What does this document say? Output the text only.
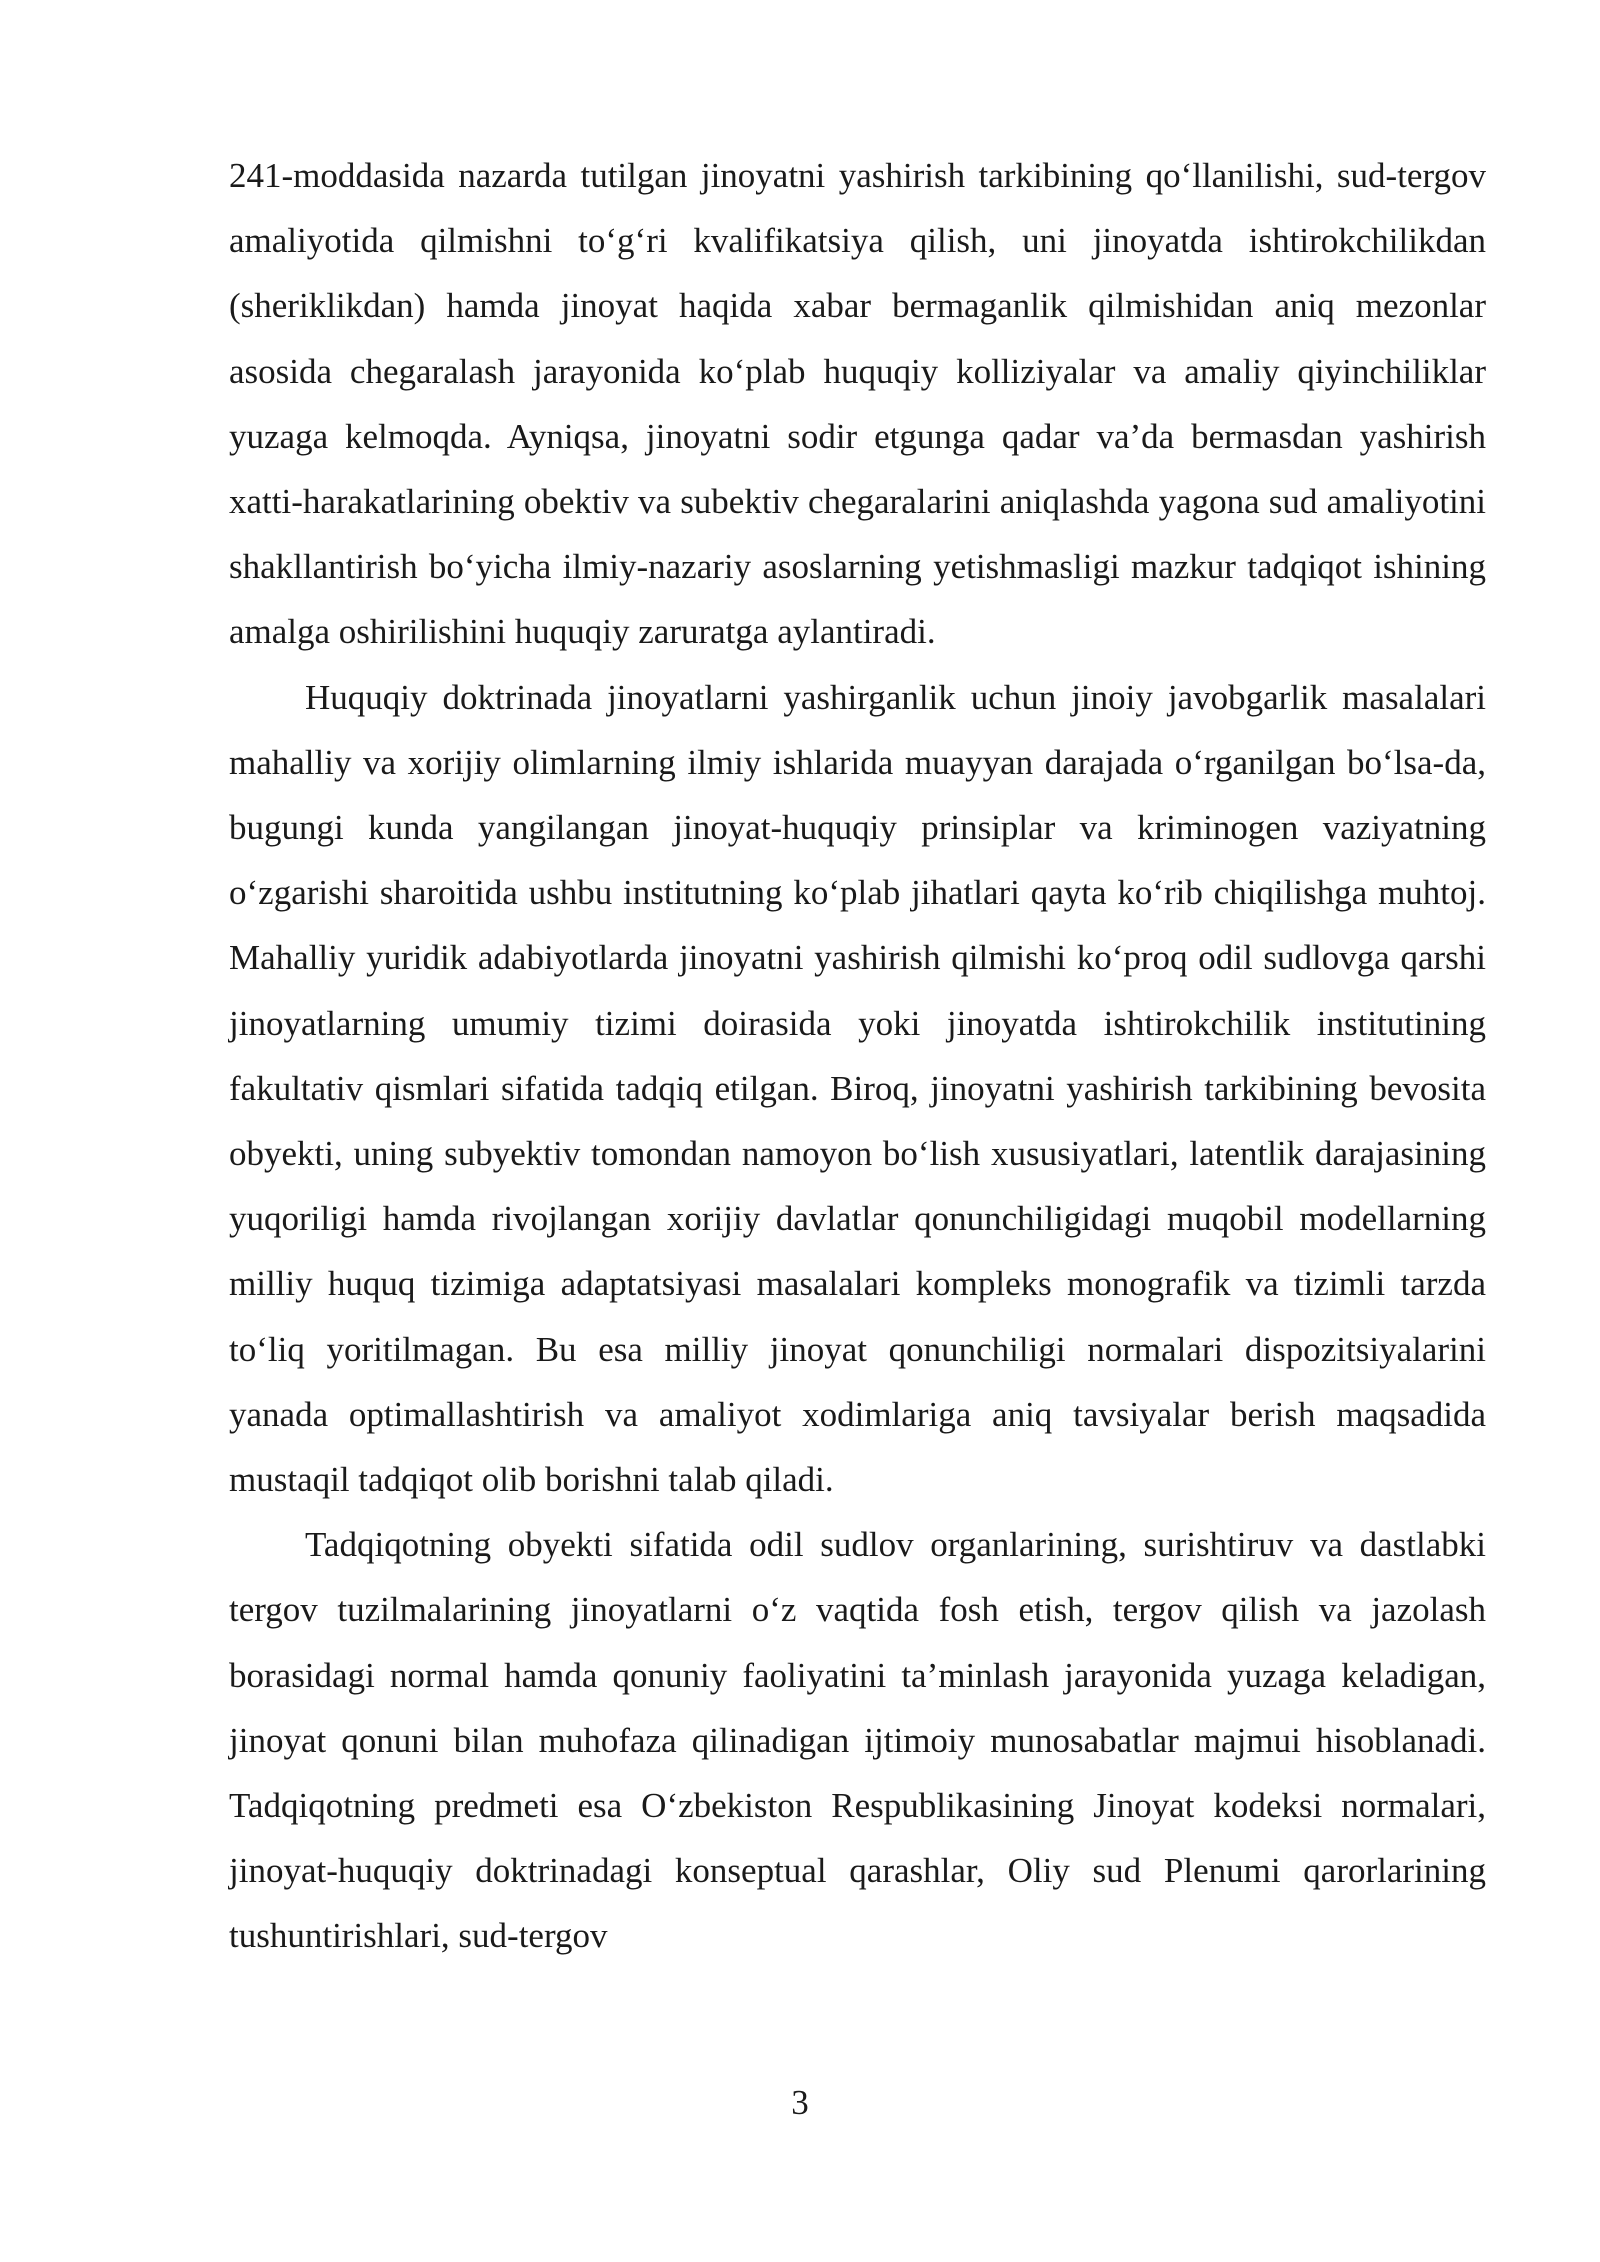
241-moddasida nazarda tutilgan jinoyatni yashirish tarkibining qo‘llanilishi, sud-tergov amaliyotida qilmishni to‘g‘ri kvalifikatsiya qilish, uni jinoyatda ishtirokchilikdan (sheriklikdan) hamda jinoyat haqida xabar bermaganlik qilmishidan aniq mezonlar asosida chegaralash jarayonida ko‘plab huquqiy kolliziyalar va amaliy qiyinchiliklar yuzaga kelmoqda. Ayniqsa, jinoyatni sodir etgunga qadar va’da bermasdan yashirish xatti-harakatlarining obektiv va subektiv chegaralarini aniqlashda yagona sud amaliyotini shakllantirish bo‘yicha ilmiy-nazariy asoslarning yetishmasligi mazkur tadqiqot ishining amalga oshirilishini huquqiy zaruratga aylantiradi.

Huquqiy doktrinada jinoyatlarni yashirganlik uchun jinoiy javobgarlik masalalari mahalliy va xorijiy olimlarning ilmiy ishlarida muayyan darajada o‘rganilgan bo‘lsa-da, bugungi kunda yangilangan jinoyat-huquqiy prinsiplar va kriminogen vaziyatning o‘zgarishi sharoitida ushbu institutning ko‘plab jihatlari qayta ko‘rib chiqilishga muhtoj. Mahalliy yuridik adabiyotlarda jinoyatni yashirish qilmishi ko‘proq odil sudlovga qarshi jinoyatlarning umumiy tizimi doirasida yoki jinoyatda ishtirokchilik institutining fakultativ qismlari sifatida tadqiq etilgan. Biroq, jinoyatni yashirish tarkibining bevosita obyekti, uning subyektiv tomondan namoyon bo‘lish xususiyatlari, latentlik darajasining yuqoriligi hamda rivojlangan xorijiy davlatlar qonunchiligidagi muqobil modellarning milliy huquq tizimiga adaptatsiyasi masalalari kompleks monografik va tizimli tarzda to‘liq yoritilmagan. Bu esa milliy jinoyat qonunchiligi normalari dispozitsiyalarini yanada optimallashtirish va amaliyot xodimlariga aniq tavsiyalar berish maqsadida mustaqil tadqiqot olib borishni talab qiladi.

Tadqiqotning obyekti sifatida odil sudlov organlarining, surishtiruv va dastlabki tergov tuzilmalarining jinoyatlarni o‘z vaqtida fosh etish, tergov qilish va jazolash borasidagi normal hamda qonuniy faoliyatini ta’minlash jarayonida yuzaga keladigan, jinoyat qonuni bilan muhofaza qilinadigan ijtimoiy munosabatlar majmui hisoblanadi. Tadqiqotning predmeti esa O‘zbekiston Respublikasining Jinoyat kodeksi normalari, jinoyat-huquqiy doktrinadagi konseptual qarashlar, Oliy sud Plenumi qarorlarining tushuntirishlari, sud-tergov

3
